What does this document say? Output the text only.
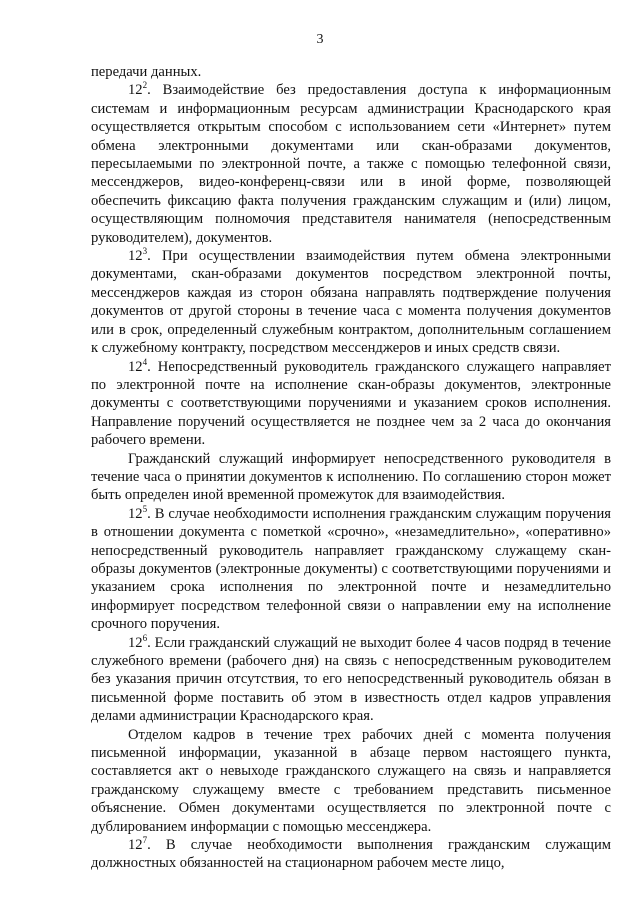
3

передачи данных.

$12^2$. Взаимодействие без предоставления доступа к информационным системам и информационным ресурсам администрации Краснодарского края осуществляется открытым способом с использованием сети «Интернет» путем обмена электронными документами или скан-образами документов, пересылаемыми по электронной почте, а также с помощью телефонной связи, мессенджеров, видео-конференц-связи или в иной форме, позволяющей обеспечить фиксацию факта получения гражданским служащим и (или) лицом, осуществляющим полномочия представителя нанимателя (непосредственным руководителем), документов.

$12^3$. При осуществлении взаимодействия путем обмена электронными документами, скан-образами документов посредством электронной почты, мессенджеров каждая из сторон обязана направлять подтверждение получения документов от другой стороны в течение часа с момента получения документов или в срок, определенный служебным контрактом, дополнительным соглашением к служебному контракту, посредством мессенджеров и иных средств связи.

$12^4$. Непосредственный руководитель гражданского служащего направляет по электронной почте на исполнение скан-образы документов, электронные документы с соответствующими поручениями и указанием сроков исполнения. Направление поручений осуществляется не позднее чем за 2 часа до окончания рабочего времени.

Гражданский служащий информирует непосредственного руководителя в течение часа о принятии документов к исполнению. По соглашению сторон может быть определен иной временной промежуток для взаимодействия.

$12^5$. В случае необходимости исполнения гражданским служащим поручения в отношении документа с пометкой «срочно», «незамедлительно», «оперативно» непосредственный руководитель направляет гражданскому служащему скан-образы документов (электронные документы) с соответствующими поручениями и указанием срока исполнения по электронной почте и незамедлительно информирует посредством телефонной связи о направлении ему на исполнение срочного поручения.

$12^6$. Если гражданский служащий не выходит более 4 часов подряд в течение служебного времени (рабочего дня) на связь с непосредственным руководителем без указания причин отсутствия, то его непосредственный руководитель обязан в письменной форме поставить об этом в известность отдел кадров управления делами администрации Краснодарского края.

Отделом кадров в течение трех рабочих дней с момента получения письменной информации, указанной в абзаце первом настоящего пункта, составляется акт о невыходе гражданского служащего на связь и направляется гражданскому служащему вместе с требованием представить письменное объяснение. Обмен документами осуществляется по электронной почте с дублированием информации с помощью мессенджера.

$12^7$. В случае необходимости выполнения гражданским служащим должностных обязанностей на стационарном рабочем месте лицо,
